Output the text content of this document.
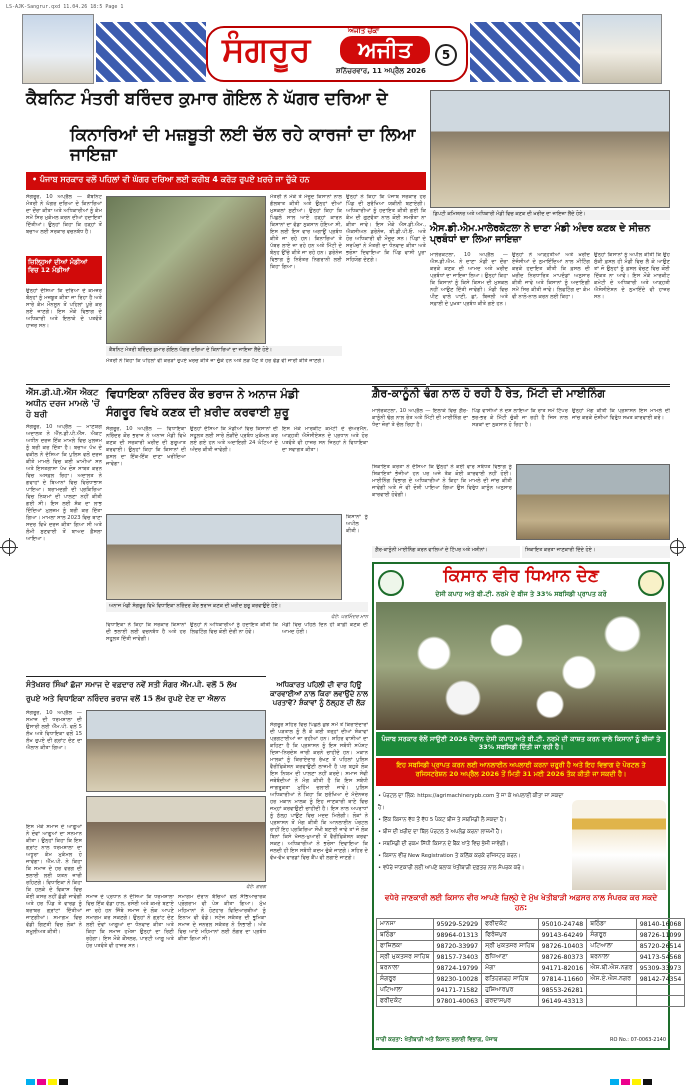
LS-AJK-Sangrur.qxd 11.04.26 18:5 Page 1
ਸੰਗਰੂਰ	ਅਜੀਤ ਚੌਂਕਾ
ਅਜੀਤ
ਸ਼ਨਿੱਚਰਵਾਰ, 11 ਅਪ੍ਰੈਲ 2026
5
ਕੈਬਨਿਟ ਮੰਤਰੀ ਬਰਿੰਦਰ ਕੁਮਾਰ ਗੋਇਲ ਨੇ ਘੱਗਰ ਦਰਿਆ ਦੇ
ਕਿਨਾਰਿਆਂ ਦੀ ਮਜ਼ਬੂਤੀ ਲਈ ਚੱਲ ਰਹੇ ਕਾਰਜਾਂ ਦਾ ਲਿਆ ਜਾਇਜ਼ਾ
• ਪੰਜਾਬ ਸਰਕਾਰ ਵਲੋਂ ਪਹਿਲਾਂ ਵੀ ਘੱਗਰ ਦਰਿਆ ਲਈ ਕਰੀਬ 4 ਕਰੋੜ ਰੁਪਏ ਖ਼ਰਚੇ ਜਾ ਚੁੱਕੇ ਹਨ
ਸੰਗਰੂਰ, 10 ਅਪ੍ਰੈਲ — ਕੈਬਨਿਟ ਮੰਤਰੀ ਨੇ ਘੱਗਰ ਦਰਿਆ ਦੇ ਕਿਨਾਰਿਆਂ ਦਾ ਦੌਰਾ ਕੀਤਾ ਅਤੇ ਅਧਿਕਾਰੀਆਂ ਨੂੰ ਕੰਮ ਸਮੇਂ ਸਿਰ ਮੁਕੰਮਲ ਕਰਨ ਦੀਆਂ ਹਦਾਇਤਾਂ ਦਿੱਤੀਆਂ। ਉਨ੍ਹਾਂ ਕਿਹਾ ਕਿ ਹੜ੍ਹਾਂ ਤੋਂ ਬਚਾਅ ਲਈ ਸਰਕਾਰ ਵਚਨਬੱਧ ਹੈ।
ਜ਼ਿਲ੍ਹਿਆਂ ਦੀਆਂ ਮੰਡੀਆਂ ਵਿਚ 12 ਮੰਡੀਆਂ
ਉਨ੍ਹਾਂ ਦੱਸਿਆ ਕਿ ਦਰਿਆ ਦੇ ਕਮਜ਼ੋਰ ਬੰਨ੍ਹਾਂ ਨੂੰ ਮਜ਼ਬੂਤ ਕੀਤਾ ਜਾ ਰਿਹਾ ਹੈ ਅਤੇ ਸਾਰੇ ਕੰਮ ਮੌਨਸੂਨ ਤੋਂ ਪਹਿਲਾਂ ਪੂਰੇ ਕਰ ਲਏ ਜਾਣਗੇ। ਇਸ ਮੌਕੇ ਵਿਭਾਗ ਦੇ ਅਧਿਕਾਰੀ ਅਤੇ ਇਲਾਕੇ ਦੇ ਪਤਵੰਤੇ ਹਾਜ਼ਰ ਸਨ।
ਮੰਤਰੀ ਨੇ ਮੌਕੇ ਤੇ ਮੌਜੂਦ ਕਿਸਾਨਾਂ ਨਾਲ ਗੱਲਬਾਤ ਕੀਤੀ ਅਤੇ ਉਨ੍ਹਾਂ ਦੀਆਂ ਮੁਸ਼ਕਲਾਂ ਸੁਣੀਆਂ। ਉਨ੍ਹਾਂ ਕਿਹਾ ਕਿ ਪਿਛਲੇ ਸਾਲ ਆਏ ਹੜ੍ਹਾਂ ਕਾਰਨ ਕਿਸਾਨਾਂ ਦਾ ਵੱਡਾ ਨੁਕਸਾਨ ਹੋਇਆ ਸੀ, ਇਸ ਲਈ ਇਸ ਵਾਰ ਅਗਾਊਂ ਪ੍ਰਬੰਧ ਕੀਤੇ ਜਾ ਰਹੇ ਹਨ। ਕਿਨਾਰਿਆਂ ਤੇ ਪੱਥਰ ਲਾਏ ਜਾ ਰਹੇ ਹਨ ਅਤੇ ਮਿੱਟੀ ਦੇ ਬੰਨ੍ਹ ਉੱਚੇ ਕੀਤੇ ਜਾ ਰਹੇ ਹਨ। ਡਰੇਨੇਜ ਵਿਭਾਗ ਨੂੰ ਨਿਰੰਤਰ ਨਿਗਰਾਨੀ ਲਈ ਕਿਹਾ ਗਿਆ।
ਉਨ੍ਹਾਂ ਨੇ ਕਿਹਾ ਕਿ ਪੰਜਾਬ ਸਰਕਾਰ ਹਰ ਪਿੰਡ ਦੀ ਸੁਰੱਖਿਆ ਯਕੀਨੀ ਬਣਾਏਗੀ। ਅਧਿਕਾਰੀਆਂ ਨੂੰ ਹਦਾਇਤ ਕੀਤੀ ਗਈ ਕਿ ਕੰਮ ਦੀ ਗੁਣਵੱਤਾ ਨਾਲ ਕੋਈ ਸਮਝੌਤਾ ਨਾ ਕੀਤਾ ਜਾਵੇ। ਇਸ ਮੌਕੇ ਐਸ.ਡੀ.ਐਮ., ਐਕਸੀਅਨ ਡਰੇਨੇਜ, ਬੀ.ਡੀ.ਪੀ.ਓ. ਅਤੇ ਹੋਰ ਅਧਿਕਾਰੀ ਵੀ ਮੌਜੂਦ ਸਨ। ਪਿੰਡਾਂ ਦੇ ਸਰਪੰਚਾਂ ਨੇ ਮੰਤਰੀ ਦਾ ਧੰਨਵਾਦ ਕੀਤਾ ਅਤੇ ਭਰੋਸਾ ਦਿਵਾਇਆ ਕਿ ਪਿੰਡ ਵਾਸੀ ਪੂਰਾ ਸਹਿਯੋਗ ਦੇਣਗੇ।
ਕੈਬਨਿਟ ਮੰਤਰੀ ਬਰਿੰਦਰ ਕੁਮਾਰ ਗੋਇਲ ਘੱਗਰ ਦਰਿਆ ਦੇ ਕਿਨਾਰਿਆਂ ਦਾ ਜਾਇਜ਼ਾ ਲੈਂਦੇ ਹੋਏ।
ਮੰਤਰੀ ਨੇ ਕਿਹਾ ਕਿ ਪਹਿਲਾਂ ਵੀ ਕਰੋੜਾਂ ਰੁਪਏ ਖ਼ਰਚ ਕੀਤੇ ਜਾ ਚੁੱਕੇ ਹਨ ਅਤੇ ਲੋੜ ਪੈਣ ਤੇ ਹੋਰ ਫੰਡ ਵੀ ਜਾਰੀ ਕੀਤੇ ਜਾਣਗੇ।
ਡਿਪਟੀ ਕਮਿਸ਼ਨਰ ਅਤੇ ਅਧਿਕਾਰੀ ਮੰਡੀ ਵਿਚ ਕਣਕ ਦੀ ਖ਼ਰੀਦ ਦਾ ਜਾਇਜ਼ਾ ਲੈਂਦੇ ਹੋਏ।
ਐਸ.ਡੀ.ਐਮ.ਮਾਲੇਰਕੋਟਲਾ ਨੇ ਦਾਣਾ ਮੰਡੀ ਅੰਦਰ ਕਣਕ ਦੇ ਸੀਜ਼ਨ ਪ੍ਰਬੰਧਾਂ ਦਾ ਲਿਆ ਜਾਇਜ਼ਾ
ਮਾਲੇਰਕੋਟਲਾ, 10 ਅਪ੍ਰੈਲ — ਐਸ.ਡੀ.ਐਮ. ਨੇ ਦਾਣਾ ਮੰਡੀ ਦਾ ਦੌਰਾ ਕਰਕੇ ਕਣਕ ਦੀ ਆਮਦ ਅਤੇ ਖ਼ਰੀਦ ਪ੍ਰਬੰਧਾਂ ਦਾ ਜਾਇਜ਼ਾ ਲਿਆ। ਉਨ੍ਹਾਂ ਕਿਹਾ ਕਿ ਕਿਸਾਨਾਂ ਨੂੰ ਕਿਸੇ ਕਿਸਮ ਦੀ ਮੁਸ਼ਕਲ ਨਹੀਂ ਆਉਣ ਦਿੱਤੀ ਜਾਵੇਗੀ। ਮੰਡੀ ਵਿਚ ਪੀਣ ਵਾਲੇ ਪਾਣੀ, ਛਾਂ, ਬਿਜਲੀ ਅਤੇ ਸਫ਼ਾਈ ਦੇ ਪੁਖ਼ਤਾ ਪ੍ਰਬੰਧ ਕੀਤੇ ਗਏ ਹਨ।
ਉਨ੍ਹਾਂ ਨੇ ਆੜ੍ਹਤੀਆਂ ਅਤੇ ਖ਼ਰੀਦ ਏਜੰਸੀਆਂ ਦੇ ਨੁਮਾਇੰਦਿਆਂ ਨਾਲ ਮੀਟਿੰਗ ਕਰਕੇ ਹਦਾਇਤ ਕੀਤੀ ਕਿ ਫ਼ਸਲ ਦੀ ਖ਼ਰੀਦ ਨਿਰਧਾਰਿਤ ਮਾਪਦੰਡਾਂ ਅਨੁਸਾਰ ਕੀਤੀ ਜਾਵੇ ਅਤੇ ਕਿਸਾਨਾਂ ਨੂੰ ਅਦਾਇਗੀ ਸਮੇਂ ਸਿਰ ਕੀਤੀ ਜਾਵੇ। ਲਿਫਟਿੰਗ ਦਾ ਕੰਮ ਵੀ ਨਾਲੋ-ਨਾਲ ਕਰਨ ਲਈ ਕਿਹਾ।
ਉਨ੍ਹਾਂ ਕਿਸਾਨਾਂ ਨੂੰ ਅਪੀਲ ਕੀਤੀ ਕਿ ਉਹ ਸੁੱਕੀ ਫ਼ਸਲ ਹੀ ਮੰਡੀ ਵਿਚ ਲੈ ਕੇ ਆਉਣ ਤਾਂ ਜੋ ਉਨ੍ਹਾਂ ਨੂੰ ਫ਼ਸਲ ਵੇਚਣ ਵਿਚ ਕੋਈ ਦਿੱਕਤ ਨਾ ਆਵੇ। ਇਸ ਮੌਕੇ ਮਾਰਕੀਟ ਕਮੇਟੀ ਦੇ ਅਧਿਕਾਰੀ ਅਤੇ ਆੜ੍ਹਤੀ ਐਸੋਸੀਏਸ਼ਨ ਦੇ ਨੁਮਾਇੰਦੇ ਵੀ ਹਾਜ਼ਰ ਸਨ।
ਐੱਸ.ਡੀ.ਪੀ.ਐੱਸ ਐਕਟ ਅਧੀਨ ਦਰਜ ਮਾਮਲੇ 'ਚੋਂ ਹੋ ਬਰੀ
ਸੰਗਰੂਰ, 10 ਅਪ੍ਰੈਲ — ਮਾਣਯੋਗ ਅਦਾਲਤ ਨੇ ਐੱਨ.ਡੀ.ਪੀ.ਐੱਸ. ਐਕਟ ਅਧੀਨ ਦਰਜ ਇੱਕ ਮਾਮਲੇ ਵਿਚ ਮੁਲਜ਼ਮ ਨੂੰ ਬਰੀ ਕਰ ਦਿੱਤਾ ਹੈ। ਬਚਾਅ ਪੱਖ ਦੇ ਵਕੀਲ ਨੇ ਦੱਸਿਆ ਕਿ ਪੁਲਿਸ ਵਲੋਂ ਦਰਜ ਕੀਤੇ ਮਾਮਲੇ ਵਿਚ ਕਈ ਖ਼ਾਮੀਆਂ ਸਨ ਅਤੇ ਇਸਤਗਾਸਾ ਪੱਖ ਦੋਸ਼ ਸਾਬਤ ਕਰਨ ਵਿਚ ਅਸਫ਼ਲ ਰਿਹਾ। ਅਦਾਲਤ ਨੇ ਗਵਾਹਾਂ ਦੇ ਬਿਆਨਾਂ ਵਿਚ ਵਿਰੋਧਾਭਾਸ ਪਾਇਆ। ਬਰਾਮਦਗੀ ਦੀ ਪ੍ਰਕਿਰਿਆ ਵਿਚ ਨਿਯਮਾਂ ਦੀ ਪਾਲਣਾ ਨਹੀਂ ਕੀਤੀ ਗਈ ਸੀ। ਇਸ ਲਈ ਸ਼ੱਕ ਦਾ ਲਾਭ ਦਿੰਦਿਆਂ ਮੁਲਜ਼ਮ ਨੂੰ ਬਰੀ ਕਰ ਦਿੱਤਾ ਗਿਆ। ਮਾਮਲਾ ਸਾਲ 2023 ਵਿਚ ਥਾਣਾ ਸਦਰ ਵਿਖੇ ਦਰਜ ਕੀਤਾ ਗਿਆ ਸੀ ਅਤੇ ਲੰਮੀ ਸੁਣਵਾਈ ਤੋਂ ਬਾਅਦ ਫ਼ੈਸਲਾ ਆਇਆ।
ਵਿਧਾਇਕਾ ਨਰਿੰਦਰ ਕੌਰ ਭਰਾਜ ਨੇ ਅਨਾਜ ਮੰਡੀ
ਸੰਗਰੂਰ ਵਿਖੇ ਕਣਕ ਦੀ ਖ਼ਰੀਦ ਕਰਵਾਈ ਸ਼ੁਰੂ
ਸੰਗਰੂਰ, 10 ਅਪ੍ਰੈਲ — ਵਿਧਾਇਕਾ ਨਰਿੰਦਰ ਕੌਰ ਭਰਾਜ ਨੇ ਅਨਾਜ ਮੰਡੀ ਵਿਖੇ ਕਣਕ ਦੀ ਸਰਕਾਰੀ ਖ਼ਰੀਦ ਦੀ ਸ਼ੁਰੂਆਤ ਕਰਵਾਈ। ਉਨ੍ਹਾਂ ਕਿਹਾ ਕਿ ਕਿਸਾਨਾਂ ਦੀ ਫ਼ਸਲ ਦਾ ਇੱਕ-ਇੱਕ ਦਾਣਾ ਖ਼ਰੀਦਿਆ ਜਾਵੇਗਾ।
ਉਨ੍ਹਾਂ ਦੱਸਿਆ ਕਿ ਮੰਡੀਆਂ ਵਿਚ ਕਿਸਾਨਾਂ ਦੀ ਸਹੂਲਤ ਲਈ ਸਾਰੇ ਲੋੜੀਂਦੇ ਪ੍ਰਬੰਧ ਮੁਕੰਮਲ ਕਰ ਲਏ ਗਏ ਹਨ ਅਤੇ ਅਦਾਇਗੀ 24 ਘੰਟਿਆਂ ਦੇ ਅੰਦਰ ਕੀਤੀ ਜਾਵੇਗੀ।
ਇਸ ਮੌਕੇ ਮਾਰਕੀਟ ਕਮੇਟੀ ਦੇ ਚੇਅਰਮੈਨ, ਆੜ੍ਹਤੀ ਐਸੋਸੀਏਸ਼ਨ ਦੇ ਪ੍ਰਧਾਨ ਅਤੇ ਹੋਰ ਪਤਵੰਤੇ ਵੀ ਹਾਜ਼ਰ ਸਨ ਜਿਨ੍ਹਾਂ ਨੇ ਵਿਧਾਇਕਾ ਦਾ ਸਵਾਗਤ ਕੀਤਾ।
ਕਿਸਾਨਾਂ ਨੂੰ ਅਪੀਲ ਕੀਤੀ।
ਅਨਾਜ ਮੰਡੀ ਸੰਗਰੂਰ ਵਿਖੇ ਵਿਧਾਇਕਾ ਨਰਿੰਦਰ ਕੌਰ ਭਰਾਜ ਕਣਕ ਦੀ ਖ਼ਰੀਦ ਸ਼ੁਰੂ ਕਰਵਾਉਂਦੇ ਹੋਏ।
ਫੋਟੋ: ਪਰਮਿੰਦਰ ਮਾਨ
ਵਿਧਾਇਕਾ ਨੇ ਕਿਹਾ ਕਿ ਸਰਕਾਰ ਕਿਸਾਨਾਂ ਦੀ ਭਲਾਈ ਲਈ ਵਚਨਬੱਧ ਹੈ ਅਤੇ ਹਰ ਸਹੂਲਤ ਦਿੱਤੀ ਜਾਵੇਗੀ।
ਉਨ੍ਹਾਂ ਨੇ ਅਧਿਕਾਰੀਆਂ ਨੂੰ ਹਦਾਇਤ ਕੀਤੀ ਕਿ ਲਿਫਟਿੰਗ ਵਿਚ ਕੋਈ ਦੇਰੀ ਨਾ ਹੋਵੇ।
ਮੰਡੀ ਵਿਚ ਪਹਿਲੇ ਦਿਨ ਹੀ ਕਾਫ਼ੀ ਕਣਕ ਦੀ ਆਮਦ ਹੋਈ।
ਅਧਿਕਾਰਤ ਪਹਿਲੀ ਦੀ ਵਾਰ ਹਿਊਂ ਕਾਰਵਾਈਆਂ ਨਾਲ ਕਿਰਾ ਲਵਾਉਂਦੇ ਨਾਲ ਪਰਤਾਵੋਂ? ਸ਼ੰਕਾਵਾਂ ਨੂੰ ਠੱਲ੍ਹਣ ਦੀ ਲੋੜ
ਸੰਗਰੂਰ ਸ਼ਹਿਰ ਵਿਚ ਪਿਛਲੇ ਕੁਝ ਸਮੇਂ ਤੋਂ ਕਿਰਾਏਦਾਰਾਂ ਦੀ ਪੜਤਾਲ ਨੂੰ ਲੈ ਕੇ ਕਈ ਤਰ੍ਹਾਂ ਦੀਆਂ ਸ਼ੰਕਾਵਾਂ ਪ੍ਰਗਟਾਈਆਂ ਜਾ ਰਹੀਆਂ ਹਨ। ਸ਼ਹਿਰ ਵਾਸੀਆਂ ਦਾ ਕਹਿਣਾ ਹੈ ਕਿ ਪ੍ਰਸ਼ਾਸਨ ਨੂੰ ਇਸ ਸਬੰਧੀ ਸਪੱਸ਼ਟ ਦਿਸ਼ਾ-ਨਿਰਦੇਸ਼ ਜਾਰੀ ਕਰਨੇ ਚਾਹੀਦੇ ਹਨ। ਮਕਾਨ ਮਾਲਕਾਂ ਨੂੰ ਕਿਰਾਏਦਾਰ ਰੱਖਣ ਤੋਂ ਪਹਿਲਾਂ ਪੁਲਿਸ ਵੈਰੀਫਿਕੇਸ਼ਨ ਕਰਵਾਉਣੀ ਲਾਜ਼ਮੀ ਹੈ ਪਰ ਬਹੁਤੇ ਲੋਕ ਇਸ ਨਿਯਮ ਦੀ ਪਾਲਣਾ ਨਹੀਂ ਕਰਦੇ। ਸਮਾਜ ਸੇਵੀ ਜਥੇਬੰਦੀਆਂ ਨੇ ਮੰਗ ਕੀਤੀ ਹੈ ਕਿ ਇਸ ਸਬੰਧੀ ਜਾਗਰੂਕਤਾ ਮੁਹਿੰਮ ਚਲਾਈ ਜਾਵੇ। ਪੁਲਿਸ ਅਧਿਕਾਰੀਆਂ ਨੇ ਕਿਹਾ ਕਿ ਸੁਰੱਖਿਆ ਦੇ ਮੱਦੇਨਜ਼ਰ ਹਰ ਮਕਾਨ ਮਾਲਕ ਨੂੰ ਇਹ ਜਾਣਕਾਰੀ ਥਾਣੇ ਵਿਚ ਜਮ੍ਹਾਂ ਕਰਵਾਉਣੀ ਚਾਹੀਦੀ ਹੈ। ਇਸ ਨਾਲ ਅਪਰਾਧਾਂ ਨੂੰ ਠੱਲ੍ਹ ਪਾਉਣ ਵਿਚ ਮਦਦ ਮਿਲੇਗੀ। ਲੋਕਾਂ ਨੇ ਪ੍ਰਸ਼ਾਸਨ ਤੋਂ ਮੰਗ ਕੀਤੀ ਕਿ ਆਨਲਾਈਨ ਪੋਰਟਲ ਰਾਹੀਂ ਇਹ ਪ੍ਰਕਿਰਿਆ ਸੌਖੀ ਬਣਾਈ ਜਾਵੇ ਤਾਂ ਜੋ ਲੋਕ ਬਿਨਾਂ ਕਿਸੇ ਖੱਜਲ-ਖੁਆਰੀ ਤੋਂ ਵੈਰੀਫਿਕੇਸ਼ਨ ਕਰਵਾ ਸਕਣ। ਅਧਿਕਾਰੀਆਂ ਨੇ ਭਰੋਸਾ ਦਿਵਾਇਆ ਕਿ ਜਲਦੀ ਹੀ ਇਸ ਸਬੰਧੀ ਕਦਮ ਚੁੱਕੇ ਜਾਣਗੇ। ਸ਼ਹਿਰ ਦੇ ਵੱਖ-ਵੱਖ ਵਾਰਡਾਂ ਵਿਚ ਕੈਂਪ ਵੀ ਲਗਾਏ ਜਾਣਗੇ।
ਸੰਤੋਖਸ਼ਰ ਸਿੰਘਾਂ ਛੱਜਾ ਸਮਾਜ ਦੇ ਵਫ਼ਦਾਰ ਨਵੇਂ ਸਤੀ ਸੰਗਰ ਐੱਮ.ਪੀ. ਵਲੋਂ 5 ਲੱਖ
ਰੁਪਏ ਅਤੇ ਵਿਧਾਇਕਾ ਨਰਿੰਦਰ ਭਰਾਜ ਵਲੋਂ 15 ਲੱਖ ਰੁਪਏ ਦੇਣ ਦਾ ਐਲਾਨ
ਸੰਗਰੂਰ, 10 ਅਪ੍ਰੈਲ — ਸਮਾਜ ਦੀ ਧਰਮਸ਼ਾਲਾ ਦੀ ਉਸਾਰੀ ਲਈ ਐੱਮ.ਪੀ. ਵਲੋਂ 5 ਲੱਖ ਅਤੇ ਵਿਧਾਇਕਾ ਵਲੋਂ 15 ਲੱਖ ਰੁਪਏ ਦੀ ਗ੍ਰਾਂਟ ਦੇਣ ਦਾ ਐਲਾਨ ਕੀਤਾ ਗਿਆ।
ਇਸ ਮੌਕੇ ਸਮਾਜ ਦੇ ਆਗੂਆਂ ਨੇ ਦੋਵਾਂ ਆਗੂਆਂ ਦਾ ਸਨਮਾਨ ਕੀਤਾ। ਉਨ੍ਹਾਂ ਕਿਹਾ ਕਿ ਇਸ ਗ੍ਰਾਂਟ ਨਾਲ ਧਰਮਸ਼ਾਲਾ ਦਾ ਅਧੂਰਾ ਕੰਮ ਮੁਕੰਮਲ ਹੋ ਜਾਵੇਗਾ। ਐੱਮ.ਪੀ. ਨੇ ਕਿਹਾ ਕਿ ਸਮਾਜ ਦੇ ਹਰ ਵਰਗ ਦੀ ਭਲਾਈ ਲਈ ਯਤਨ ਜਾਰੀ ਰਹਿਣਗੇ। ਵਿਧਾਇਕਾ ਨੇ ਕਿਹਾ ਕਿ ਹਲਕੇ ਦੇ ਵਿਕਾਸ ਵਿਚ ਕੋਈ ਕਸਰ ਨਹੀਂ ਛੱਡੀ ਜਾਵੇਗੀ ਅਤੇ ਹਰ ਪਿੰਡ ਤੇ ਵਾਰਡ ਨੂੰ ਬਰਾਬਰ ਗ੍ਰਾਂਟਾਂ ਦਿੱਤੀਆਂ ਜਾਣਗੀਆਂ। ਸਮਾਗਮ ਵਿਚ ਵੱਡੀ ਗਿਣਤੀ ਵਿਚ ਲੋਕਾਂ ਨੇ ਸ਼ਮੂਲੀਅਤ ਕੀਤੀ।
ਫੋਟੋ: ਗਰਗ
ਸਮਾਜ ਦੇ ਪ੍ਰਧਾਨ ਨੇ ਦੱਸਿਆ ਕਿ ਧਰਮਸ਼ਾਲਾ ਵਿਚ ਇੱਕ ਵੱਡਾ ਹਾਲ, ਰਸੋਈ ਅਤੇ ਕਮਰੇ ਬਣਾਏ ਜਾ ਰਹੇ ਹਨ ਜਿੱਥੇ ਸਮਾਜ ਦੇ ਲੋਕ ਆਪਣੇ ਸਮਾਗਮ ਕਰ ਸਕਣਗੇ। ਉਨ੍ਹਾਂ ਨੇ ਗ੍ਰਾਂਟ ਦੇਣ ਲਈ ਦੋਵਾਂ ਆਗੂਆਂ ਦਾ ਧੰਨਵਾਦ ਕੀਤਾ ਅਤੇ ਕਿਹਾ ਕਿ ਸਮਾਜ ਹਮੇਸ਼ਾ ਉਨ੍ਹਾਂ ਦਾ ਰਿਣੀ ਰਹੇਗਾ। ਇਸ ਮੌਕੇ ਕੌਂਸਲਰ, ਪਾਰਟੀ ਆਗੂ ਅਤੇ ਹੋਰ ਪਤਵੰਤੇ ਵੀ ਹਾਜ਼ਰ ਸਨ।
ਸਮਾਗਮ ਦੌਰਾਨ ਬੱਚਿਆਂ ਵਲੋਂ ਸੱਭਿਆਚਾਰਕ ਪ੍ਰੋਗਰਾਮ ਵੀ ਪੇਸ਼ ਕੀਤਾ ਗਿਆ। ਮੁੱਖ ਮਹਿਮਾਨਾਂ ਨੇ ਹੋਣਹਾਰ ਵਿਦਿਆਰਥੀਆਂ ਨੂੰ ਇਨਾਮ ਵੀ ਵੰਡੇ। ਸਟੇਜ ਸਕੱਤਰ ਦੀ ਭੂਮਿਕਾ ਸਮਾਜ ਦੇ ਜਨਰਲ ਸਕੱਤਰ ਨੇ ਨਿਭਾਈ। ਅੰਤ ਵਿਚ ਆਏ ਮਹਿਮਾਨਾਂ ਲਈ ਲੰਗਰ ਦਾ ਪ੍ਰਬੰਧ ਕੀਤਾ ਗਿਆ ਸੀ।
ਗ਼ੈਰ-ਕਾਨੂੰਨੀ ਢੰਗ ਨਾਲ ਹੋ ਰਹੀ ਹੈ ਰੇਤ, ਮਿੱਟੀ ਦੀ ਮਾਈਨਿੰਗ
ਮਾਲੇਰਕੋਟਲਾ, 10 ਅਪ੍ਰੈਲ — ਇਲਾਕੇ ਵਿਚ ਗ਼ੈਰ-ਕਾਨੂੰਨੀ ਢੰਗ ਨਾਲ ਰੇਤ ਅਤੇ ਮਿੱਟੀ ਦੀ ਮਾਈਨਿੰਗ ਦਾ ਧੰਦਾ ਜ਼ੋਰਾਂ ਤੇ ਚੱਲ ਰਿਹਾ ਹੈ।
ਪਿੰਡ ਵਾਸੀਆਂ ਨੇ ਦੋਸ਼ ਲਾਇਆ ਕਿ ਰਾਤ ਸਮੇਂ ਟਿੱਪਰ ਭਰ-ਭਰ ਕੇ ਮਿੱਟੀ ਚੁੱਕੀ ਜਾ ਰਹੀ ਹੈ ਜਿਸ ਨਾਲ ਸੜਕਾਂ ਦਾ ਨੁਕਸਾਨ ਹੋ ਰਿਹਾ ਹੈ।
ਉਨ੍ਹਾਂ ਮੰਗ ਕੀਤੀ ਕਿ ਪ੍ਰਸ਼ਾਸਨ ਇਸ ਮਾਮਲੇ ਦੀ ਜਾਂਚ ਕਰਕੇ ਦੋਸ਼ੀਆਂ ਵਿਰੁੱਧ ਸਖ਼ਤ ਕਾਰਵਾਈ ਕਰੇ।
ਸ਼ਿਕਾਇਤ ਕਰਤਾ ਨੇ ਦੱਸਿਆ ਕਿ ਉਨ੍ਹਾਂ ਨੇ ਕਈ ਵਾਰ ਸਬੰਧਤ ਵਿਭਾਗ ਨੂੰ ਸ਼ਿਕਾਇਤਾਂ ਭੇਜੀਆਂ ਹਨ ਪਰ ਅਜੇ ਤੱਕ ਕੋਈ ਕਾਰਵਾਈ ਨਹੀਂ ਹੋਈ। ਮਾਈਨਿੰਗ ਵਿਭਾਗ ਦੇ ਅਧਿਕਾਰੀਆਂ ਨੇ ਕਿਹਾ ਕਿ ਮਾਮਲੇ ਦੀ ਜਾਂਚ ਕੀਤੀ ਜਾਵੇਗੀ ਅਤੇ ਜੋ ਵੀ ਦੋਸ਼ੀ ਪਾਇਆ ਗਿਆ ਉਸ ਵਿਰੁੱਧ ਕਾਨੂੰਨ ਅਨੁਸਾਰ ਕਾਰਵਾਈ ਹੋਵੇਗੀ।
ਗ਼ੈਰ-ਕਾਨੂੰਨੀ ਮਾਈਨਿੰਗ ਕਰਨ ਵਾਲਿਆਂ ਦੇ ਟਿੱਪਰ ਅਤੇ ਮਸ਼ੀਨਾਂ।	ਸ਼ਿਕਾਇਤ ਕਰਤਾ ਜਾਣਕਾਰੀ ਦਿੰਦੇ ਹੋਏ।
ਕਿਸਾਨ ਵੀਰ ਧਿਆਨ ਦੇਣ
ਦੇਸੀ ਕਪਾਹ ਅਤੇ ਬੀ.ਟੀ. ਨਰਮੇ ਦੇ ਬੀਜ ਤੇ 33% ਸਬਸਿਡੀ ਪ੍ਰਾਪਤ ਕਰੋ
ਪੰਜਾਬ ਸਰਕਾਰ ਵੱਲੋਂ ਸਾਉਣੀ 2026 ਦੌਰਾਨ ਦੇਸੀ ਕਪਾਹ ਅਤੇ ਬੀ.ਟੀ. ਨਰਮੇ ਦੀ ਕਾਸ਼ਤ ਕਰਨ ਵਾਲੇ ਕਿਸਾਨਾਂ ਨੂੰ ਬੀਜਾਂ ਤੇ 33% ਸਬਸਿਡੀ ਦਿੱਤੀ ਜਾ ਰਹੀ ਹੈ।
ਇਹ ਸਬਸਿਡੀ ਪ੍ਰਾਪਤ ਕਰਨ ਲਈ ਆਨਲਾਈਨ ਅਪਲਾਈ ਕਰਨਾ ਜ਼ਰੂਰੀ ਹੈ ਅਤੇ ਇਹ ਵਿਭਾਗ ਦੇ ਪੋਰਟਲ ਤੇ ਰਜਿਸਟਰੇਸ਼ਨ 20 ਅਪ੍ਰੈਲ 2026 ਤੋਂ ਮਿਤੀ 31 ਮਈ 2026 ਤੱਕ ਕੀਤੀ ਜਾ ਸਕਦੀ ਹੈ।
• ਪੋਰਟਲ ਦਾ ਲਿੰਕ: https://agrimachinerypb.com ਤੇ ਜਾ ਕੇ ਅਪਲਾਈ ਕੀਤਾ ਜਾ ਸਕਦਾ ਹੈ।
• ਇੱਕ ਕਿਸਾਨ ਵੱਧ ਤੋਂ ਵੱਧ 5 ਪੈਕਟ ਬੀਜ ਤੇ ਸਬਸਿਡੀ ਲੈ ਸਕਦਾ ਹੈ।
• ਬੀਜ ਦੀ ਖ਼ਰੀਦ ਦਾ ਬਿੱਲ ਪੋਰਟਲ ਤੇ ਅਪਲੋਡ ਕਰਨਾ ਲਾਜ਼ਮੀ ਹੈ।
• ਸਬਸਿਡੀ ਦੀ ਰਕਮ ਸਿੱਧੀ ਕਿਸਾਨ ਦੇ ਬੈਂਕ ਖਾਤੇ ਵਿਚ ਭੇਜੀ ਜਾਵੇਗੀ।
• ਕਿਸਾਨ ਵੀਰ New Registration ਤੇ ਕਲਿੱਕ ਕਰਕੇ ਰਜਿਸਟਰ ਕਰਨ।
• ਵਧੇਰੇ ਜਾਣਕਾਰੀ ਲਈ ਆਪਣੇ ਬਲਾਕ ਖੇਤੀਬਾੜੀ ਦਫ਼ਤਰ ਨਾਲ ਸੰਪਰਕ ਕਰੋ।
ਵਧੇਰੇ ਜਾਣਕਾਰੀ ਲਈ ਕਿਸਾਨ ਵੀਰ ਆਪਣੇ ਜ਼ਿਲ੍ਹੇ ਦੇ ਮੁੱਖ ਖੇਤੀਬਾੜੀ ਅਫ਼ਸਰ ਨਾਲ ਸੰਪਰਕ ਕਰ ਸਕਦੇ ਹਨ:
ਮਾਨਸਾ	95929-52929	ਫਰੀਦਕੋਟ	95010-24748	ਬਠਿੰਡਾ	98140-16068
ਬਠਿੰਡਾ	98964-01313	ਫਿਰੋਜ਼ਪੁਰ	99143-64249	ਸੰਗਰੂਰ	98726-11099
ਫਾਜ਼ਿਲਕਾ	98720-33997	ਸ੍ਰੀ ਮੁਕਤਸਰ ਸਾਹਿਬ	98726-10403	ਪਟਿਆਲਾ	85720-26514
ਸ੍ਰੀ ਮੁਕਤਸਰ ਸਾਹਿਬ	98157-73403	ਲੁਧਿਆਣਾ	98726-80373	ਬਰਨਾਲਾ	94173-54568
ਬਰਨਾਲਾ	98724-19799	ਮੋਗਾ	94171-82016	ਐਸ.ਬੀ.ਐਸ.ਨਗਰ	95309-33973
ਸੰਗਰੂਰ	98230-10028	ਫਤਿਹਗੜ੍ਹ ਸਾਹਿਬ	97814-11660	ਐਸ.ਏ.ਐਸ.ਨਗਰ	98142-74354
ਪਟਿਆਲਾ	94171-71582	ਹੁਸ਼ਿਆਰਪੁਰ	98553-26281		
ਫਰੀਦਕੋਟ	97801-40063	ਗੁਰਦਾਸਪੁਰ	96149-43313		
ਜਾਰੀ ਕਰਤਾ: ਖੇਤੀਬਾੜੀ ਅਤੇ ਕਿਸਾਨ ਭਲਾਈ ਵਿਭਾਗ, ਪੰਜਾਬ	RO No.: 07-0063-2140
